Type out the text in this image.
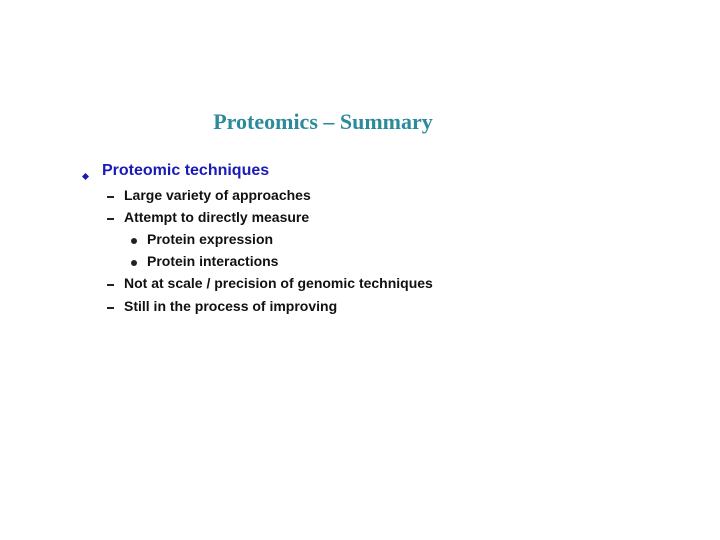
Proteomics – Summary
Proteomic techniques
Large variety of approaches
Attempt to directly measure
Protein expression
Protein interactions
Not at scale / precision of genomic techniques
Still in the process of improving
